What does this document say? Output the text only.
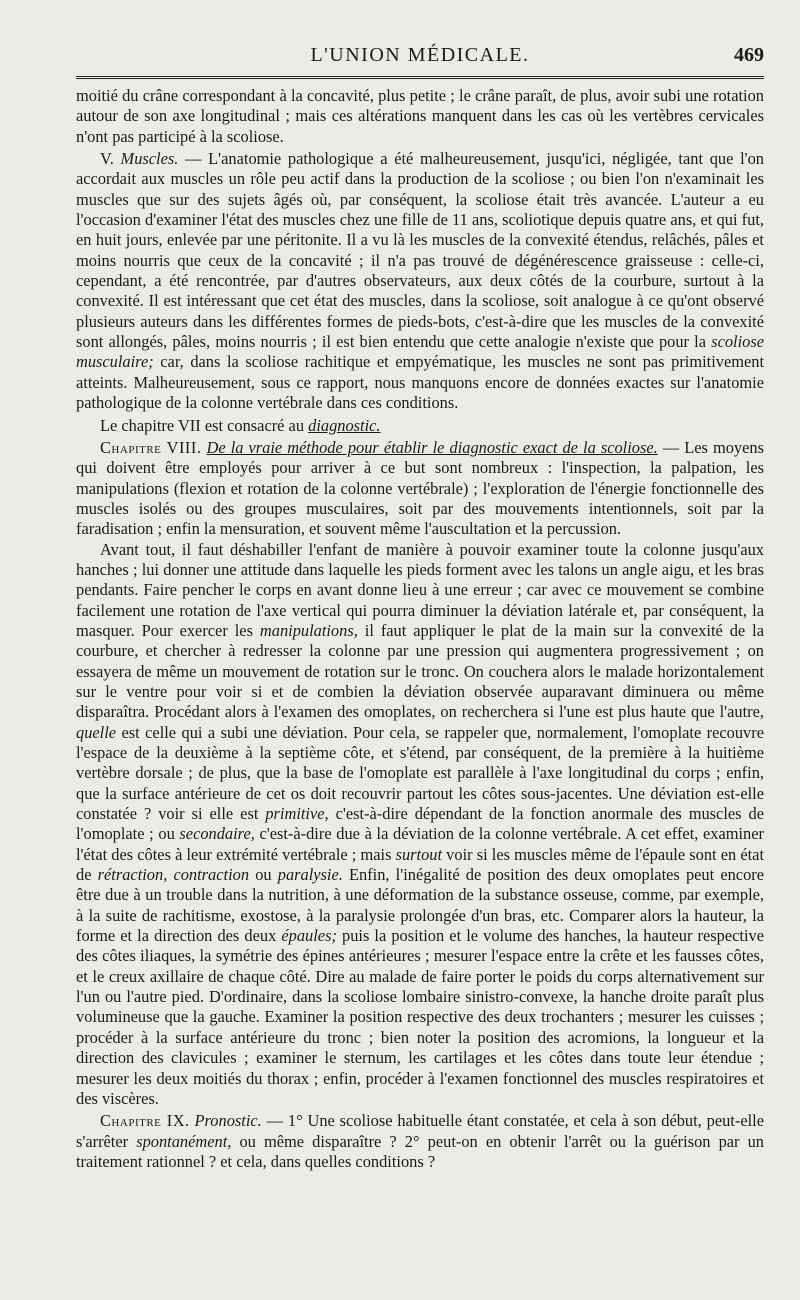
L'UNION MÉDICALE.	469

moitié du crâne correspondant à la concavité, plus petite ; le crâne paraît, de plus, avoir subi une rotation autour de son axe longitudinal ; mais ces altérations manquent dans les cas où les vertèbres cervicales n'ont pas participé à la scoliose.

V. Muscles. — L'anatomie pathologique a été malheureusement, jusqu'ici, négligée, tant que l'on accordait aux muscles un rôle peu actif dans la production de la scoliose ; ou bien l'on n'examinait les muscles que sur des sujets âgés où, par conséquent, la scoliose était très avancée. L'auteur a eu l'occasion d'examiner l'état des muscles chez une fille de 11 ans, scoliotique depuis quatre ans, et qui fut, en huit jours, enlevée par une péritonite. Il a vu là les muscles de la convexité étendus, relâchés, pâles et moins nourris que ceux de la concavité ; il n'a pas trouvé de dégénérescence graisseuse : celle-ci, cependant, a été rencontrée, par d'autres observateurs, aux deux côtés de la courbure, surtout à la convexité. Il est intéressant que cet état des muscles, dans la scoliose, soit analogue à ce qu'ont observé plusieurs auteurs dans les différentes formes de pieds-bots, c'est-à-dire que les muscles de la convexité sont allongés, pâles, moins nourris ; il est bien entendu que cette analogie n'existe que pour la scoliose musculaire; car, dans la scoliose rachitique et empyématique, les muscles ne sont pas primitivement atteints. Malheureusement, sous ce rapport, nous manquons encore de données exactes sur l'anatomie pathologique de la colonne vertébrale dans ces conditions.

Le chapitre VII est consacré au diagnostic.

Chapitre VIII. De la vraie méthode pour établir le diagnostic exact de la scoliose. — Les moyens qui doivent être employés pour arriver à ce but sont nombreux : l'inspection, la palpation, les manipulations (flexion et rotation de la colonne vertébrale) ; l'exploration de l'énergie fonctionnelle des muscles isolés ou des groupes musculaires, soit par des mouvements intentionnels, soit par la faradisation ; enfin la mensuration, et souvent même l'auscultation et la percussion.

Avant tout, il faut déshabiller l'enfant de manière à pouvoir examiner toute la colonne jusqu'aux hanches ; lui donner une attitude dans laquelle les pieds forment avec les talons un angle aigu, et les bras pendants. Faire pencher le corps en avant donne lieu à une erreur ; car avec ce mouvement se combine facilement une rotation de l'axe vertical qui pourra diminuer la déviation latérale et, par conséquent, la masquer. Pour exercer les manipulations, il faut appliquer le plat de la main sur la convexité de la courbure, et chercher à redresser la colonne par une pression qui augmentera progressivement ; on essayera de même un mouvement de rotation sur le tronc. On couchera alors le malade horizontalement sur le ventre pour voir si et de combien la déviation observée auparavant diminuera ou même disparaîtra. Procédant alors à l'examen des omoplates, on recherchera si l'une est plus haute que l'autre, quelle est celle qui a subi une déviation. Pour cela, se rappeler que, normalement, l'omoplate recouvre l'espace de la deuxième à la septième côte, et s'étend, par conséquent, de la première à la huitième vertèbre dorsale ; de plus, que la base de l'omoplate est parallèle à l'axe longitudinal du corps ; enfin, que la surface antérieure de cet os doit recouvrir partout les côtes sous-jacentes. Une déviation est-elle constatée ? voir si elle est primitive, c'est-à-dire dépendant de la fonction anormale des muscles de l'omoplate ; ou secondaire, c'est-à-dire due à la déviation de la colonne vertébrale. A cet effet, examiner l'état des côtes à leur extrémité vertébrale ; mais surtout voir si les muscles même de l'épaule sont en état de rétraction, contraction ou paralysie. Enfin, l'inégalité de position des deux omoplates peut encore être due à un trouble dans la nutrition, à une déformation de la substance osseuse, comme, par exemple, à la suite de rachitisme, exostose, à la paralysie prolongée d'un bras, etc. Comparer alors la hauteur, la forme et la direction des deux épaules; puis la position et le volume des hanches, la hauteur respective des côtes iliaques, la symétrie des épines antérieures ; mesurer l'espace entre la crête et les fausses côtes, et le creux axillaire de chaque côté. Dire au malade de faire porter le poids du corps alternativement sur l'un ou l'autre pied. D'ordinaire, dans la scoliose lombaire sinistro-convexe, la hanche droite paraît plus volumineuse que la gauche. Examiner la position respective des deux trochanters ; mesurer les cuisses ; procéder à la surface antérieure du tronc ; bien noter la position des acromions, la longueur et la direction des clavicules ; examiner le sternum, les cartilages et les côtes dans toute leur étendue ; mesurer les deux moitiés du thorax ; enfin, procéder à l'examen fonctionnel des muscles respiratoires et des viscères.

Chapitre IX. Pronostic. — 1° Une scoliose habituelle étant constatée, et cela à son début, peut-elle s'arrêter spontanément, ou même disparaître ? 2° peut-on en obtenir l'arrêt ou la guérison par un traitement rationnel ? et cela, dans quelles conditions ?
